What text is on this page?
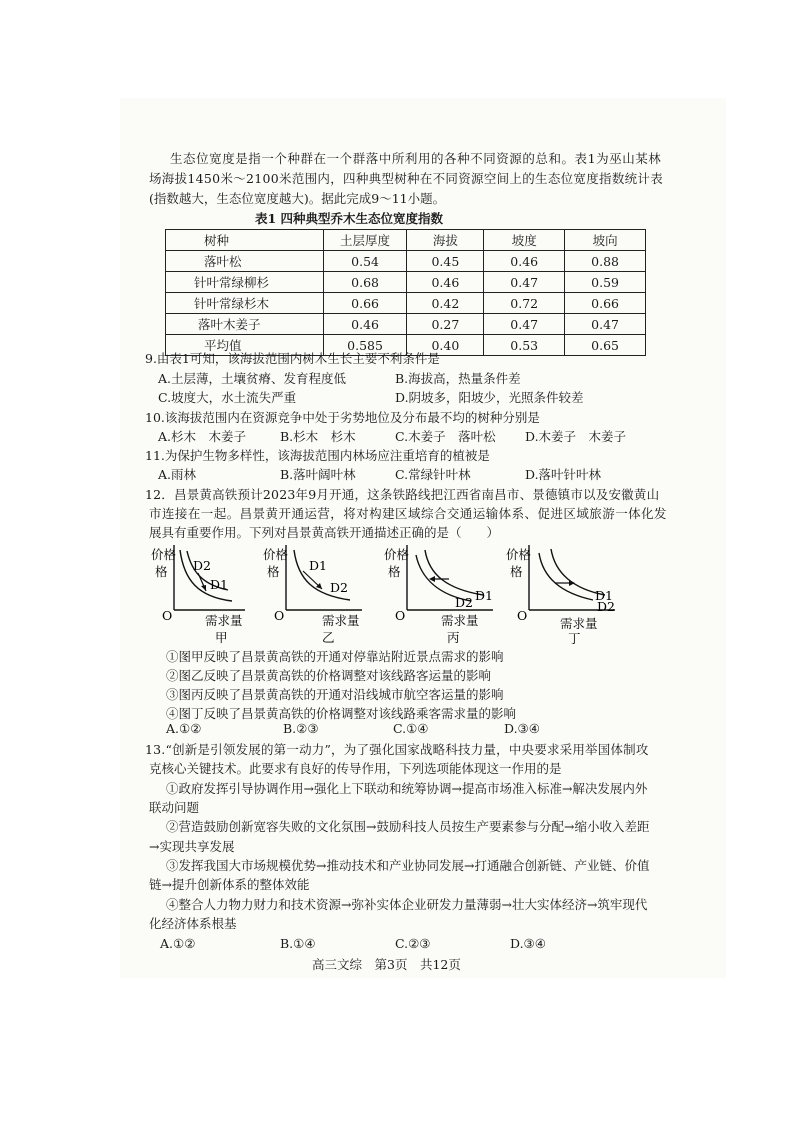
生态位宽度是指一个种群在一个群落中所利用的各种不同资源的总和。表1为巫山某林
场海拔1450米～2100米范围内，四种典型树种在不同资源空间上的生态位宽度指数统计表
(指数越大，生态位宽度越大)。据此完成9～11小题。
表1 四种典型乔木生态位宽度指数
树种	土层厚度	海拔	坡度	坡向
落叶松	0.54	0.45	0.46	0.88
针叶常绿柳杉	0.68	0.46	0.47	0.59
针叶常绿杉木	0.66	0.42	0.72	0.66
落叶木姜子	0.46	0.27	0.47	0.47
平均值	0.585	0.40	0.53	0.65
9.由表1可知，该海拔范围内树木生长主要不利条件是
A.土层薄，土壤贫瘠、发育程度低	B.海拔高，热量条件差
C.坡度大，水土流失严重	D.阴坡多，阳坡少，光照条件较差
10.该海拔范围内在资源竞争中处于劣势地位及分布最不均的树种分别是
A.杉木　木姜子	B.杉木　杉木	C.木姜子　落叶松 D.木姜子　木姜子
11.为保护生物多样性，该海拔范围内林场应注重培育的植被是
A.雨林	B.落叶阔叶林	C.常绿针叶林	D.落叶针叶林
12．昌景黄高铁预计2023年9月开通，这条铁路线把江西省南昌市、景德镇市以及安徽黄山
市连接在一起。昌景黄开通运营，将对构建区域综合交通运输体系、促进区域旅游一体化发
展具有重要作用。下列对昌景黄高铁开通描述正确的是（　　）
价格
格 D2
D1
O	需求量
甲
价格
格 D1
D2
O	需求量
乙
价格
格
D2 D1
O	需求量
丙
价格
格
D1
D2
O
需求量
丁
①图甲反映了昌景黄高铁的开通对停靠站附近景点需求的影响
②图乙反映了昌景黄高铁的价格调整对该线路客运量的影响
③图丙反映了昌景黄高铁的开通对沿线城市航空客运量的影响
④图丁反映了昌景黄高铁的价格调整对该线路乘客需求量的影响
A.①②	B.②③	C.①④	D.③④
13.“创新是引领发展的第一动力”，为了强化国家战略科技力量，中央要求采用举国体制攻
克核心关键技术。此要求有良好的传导作用，下列选项能体现这一作用的是
①政府发挥引导协调作用→强化上下联动和统筹协调→提高市场准入标准→解决发展内外
联动问题
②营造鼓励创新宽容失败的文化氛围→鼓励科技人员按生产要素参与分配→缩小收入差距
→实现共享发展
③发挥我国大市场规模优势→推动技术和产业协同发展→打通融合创新链、产业链、价值
链→提升创新体系的整体效能
④整合人力物力财力和技术资源→弥补实体企业研发力量薄弱→壮大实体经济→筑牢现代
化经济体系根基
A.①②	B.①④	C.②③	D.③④
高三文综　第3页　共12页
